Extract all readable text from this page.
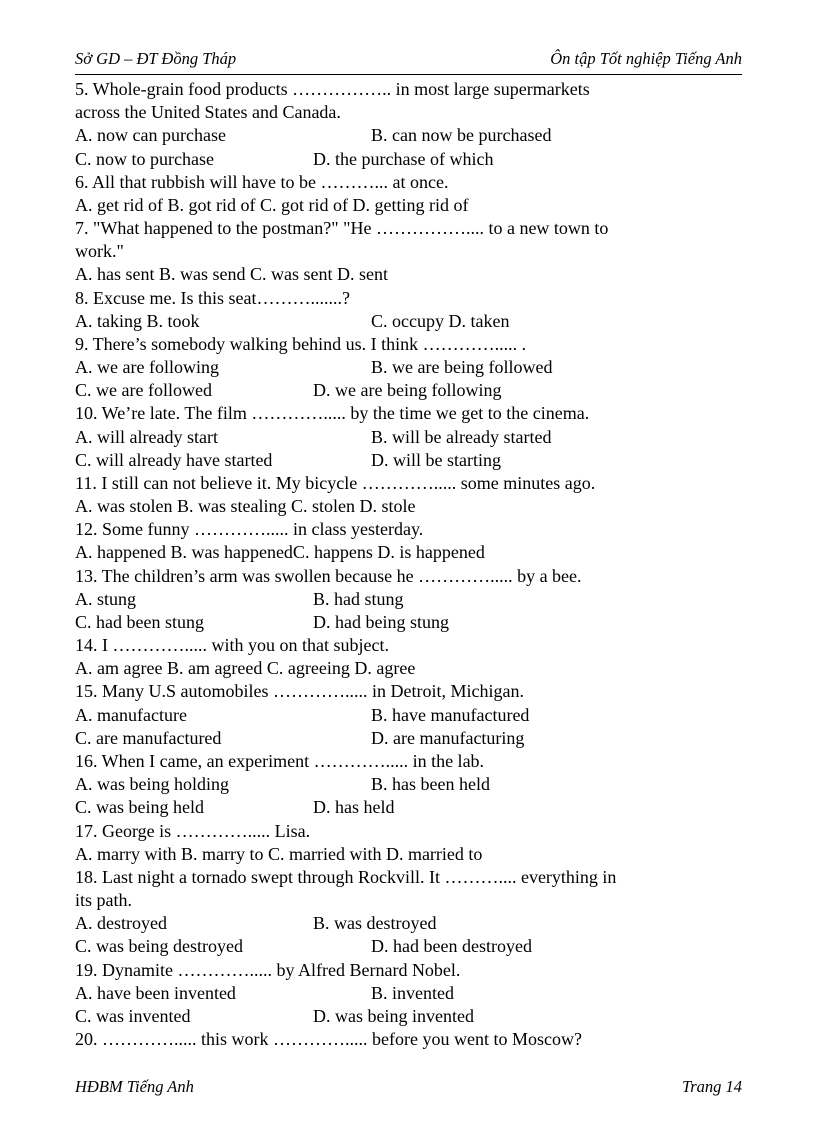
Sở GD – ĐT Đồng Tháp	Ôn tập Tốt nghiệp Tiếng Anh
5. Whole-grain food products …………….. in most large supermarkets
across the United States and Canada.
A. now can purchase	B. can now be purchased
C. now to purchase	D. the purchase of which
6. All that rubbish will have to be ………... at once.
A. get rid of B. got rid of C. got rid of D. getting rid of
7. "What happened to the postman?" "He …………….... to a new town to
work."
A. has sent B. was send C. was sent D. sent
8. Excuse me. Is this seat……….......?
A. taking B. took	C. occupy D. taken
9. There’s somebody walking behind us. I think …………..... .
A. we are following	B. we are being followed
C. we are followed	D. we are being following
10. We’re late. The film …………..... by the time we get to the cinema.
A. will already start	B. will be already started
C. will already have started	D. will be starting
11. I still can not believe it. My bicycle …………..... some minutes ago.
A. was stolen B. was stealing C. stolen D. stole
12. Some funny …………..... in class yesterday.
A. happened B. was happenedC. happens D. is happened
13. The children’s arm was swollen because he …………..... by a bee.
A. stung	B. had stung
C. had been stung	D. had being stung
14. I …………..... with you on that subject.
A. am agree B. am agreed C. agreeing D. agree
15. Many U.S automobiles …………..... in Detroit, Michigan.
A. manufacture	B. have manufactured
C. are manufactured	D. are manufacturing
16. When I came, an experiment …………..... in the lab.
A. was being holding	B. has been held
C. was being held	D. has held
17. George is …………..... Lisa.
A. marry with B. marry to C. married with D. married to
18. Last night a tornado swept through Rockvill. It ……….... everything in
its path.
A. destroyed	B. was destroyed
C. was being destroyed	D. had been destroyed
19. Dynamite …………..... by Alfred Bernard Nobel.
A. have been invented	B. invented
C. was invented	D. was being invented
20. …………..... this work …………..... before you went to Moscow?
HĐBM Tiếng Anh	Trang 14
